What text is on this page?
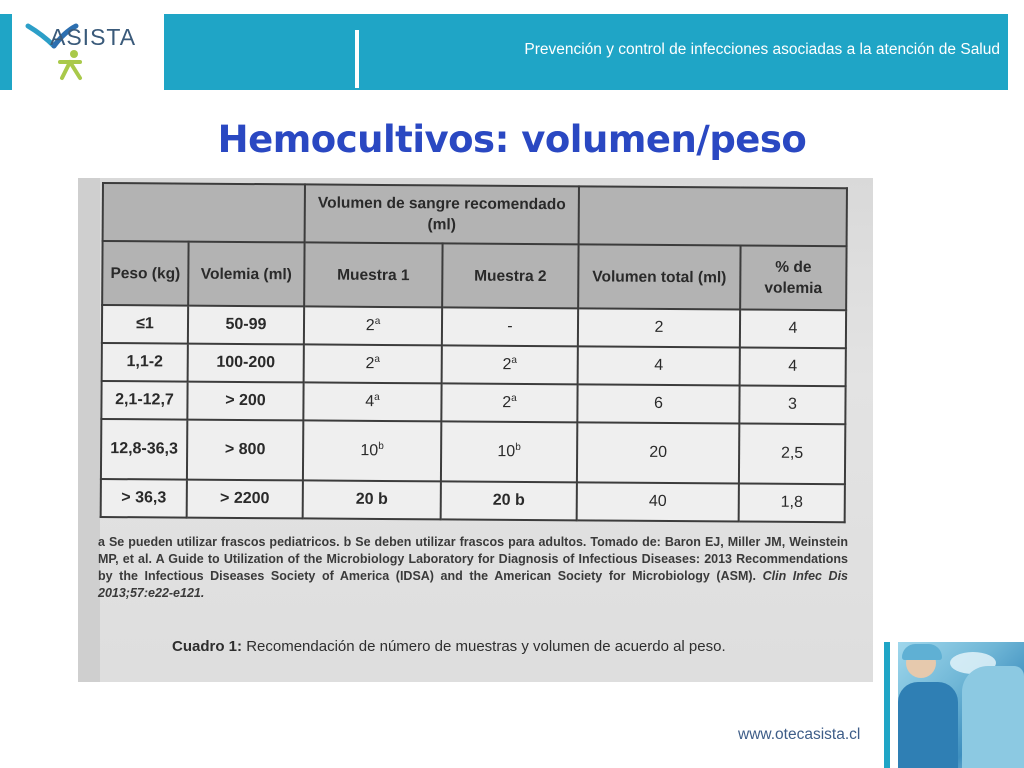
ASISTA	Prevención y control de infecciones asociadas a la atención de Salud
Hemocultivos: volumen/peso
		Volumen de sangre recomendado (ml)			
Peso (kg)	Volemia (ml)	Muestra 1	Muestra 2	Volumen total (ml)	% de volemia
≤1	50-99	2$^a$	-	2	4
1,1-2	100-200	2$^a$	2$^a$	4	4
2,1-12,7	> 200	4$^a$	2$^a$	6	3
12,8-36,3	> 800	10$^b$	10$^b$	20	2,5
> 36,3	> 2200	20 b	20 b	40	1,8
a Se pueden utilizar frascos pediatricos. b Se deben utilizar frascos para adultos. Tomado de: Baron EJ, Miller JM, Weinstein MP, et al. A Guide to Utilization of the Microbiology Laboratory for Diagnosis of Infectious Diseases: 2013 Recommendations by the Infectious Diseases Society of America (IDSA) and the American Society for Microbiology (ASM). Clin Infec Dis 2013;57:e22-e121.
Cuadro 1: Recomendación de número de muestras y volumen de acuerdo al peso.
www.otecasista.cl
